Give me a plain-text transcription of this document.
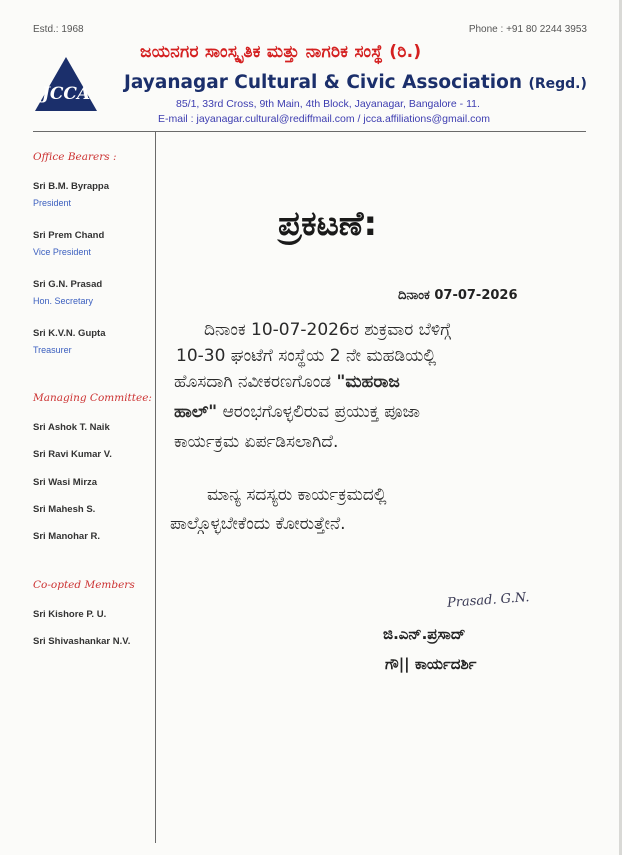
Estd.: 1968	Phone : +91 80 2244 3953
JCCA
ಜಯನಗರ ಸಾಂಸ್ಕೃತಿಕ ಮತ್ತು ನಾಗರಿಕ ಸಂಸ್ಥೆ (ರಿ.)
Jayanagar Cultural & Civic Association (Regd.)
85/1, 33rd Cross, 9th Main, 4th Block, Jayanagar, Bangalore - 11.
E-mail : jayanagar.cultural@rediffmail.com / jcca.affiliations@gmail.com
Office Bearers :
Sri B.M. Byrappa
President
Sri Prem Chand
Vice President
Sri G.N. Prasad
Hon. Secretary
Sri K.V.N. Gupta
Treasurer
Managing Committee:
Sri Ashok T. Naik
Sri Ravi Kumar V.
Sri Wasi Mirza
Sri Mahesh S.
Sri Manohar R.
Co-opted Members
Sri Kishore P. U.
Sri Shivashankar N.V.
ಪ್ರಕಟಣೆ:
ದಿನಾಂಕ 07-07-2026
ದಿನಾಂಕ 10-07-2026ರ ಶುಕ್ರವಾರ ಬೆಳಿಗ್ಗೆ
10-30 ಘಂಟೆಗೆ ಸಂಸ್ಥೆಯ 2 ನೇ ಮಹಡಿಯಲ್ಲಿ
ಹೊಸದಾಗಿ ನವೀಕರಣಗೊಂಡ "ಮಹರಾಜ
ಹಾಲ್" ಆರಂಭಗೊಳ್ಳಲಿರುವ ಪ್ರಯುಕ್ತ ಪೂಜಾ
ಕಾರ್ಯಕ್ರಮ ಏರ್ಪಡಿಸಲಾಗಿದೆ.
ಮಾನ್ಯ ಸದಸ್ಯರು ಕಾರ್ಯಕ್ರಮದಲ್ಲಿ
ಪಾಲ್ಗೊಳ್ಳಬೇಕೆಂದು ಕೋರುತ್ತೇನೆ.
Prasad. G.N.
ಜಿ.ಎನ್.ಪ್ರಸಾದ್
ಗೌ|| ಕಾರ್ಯದರ್ಶಿ
